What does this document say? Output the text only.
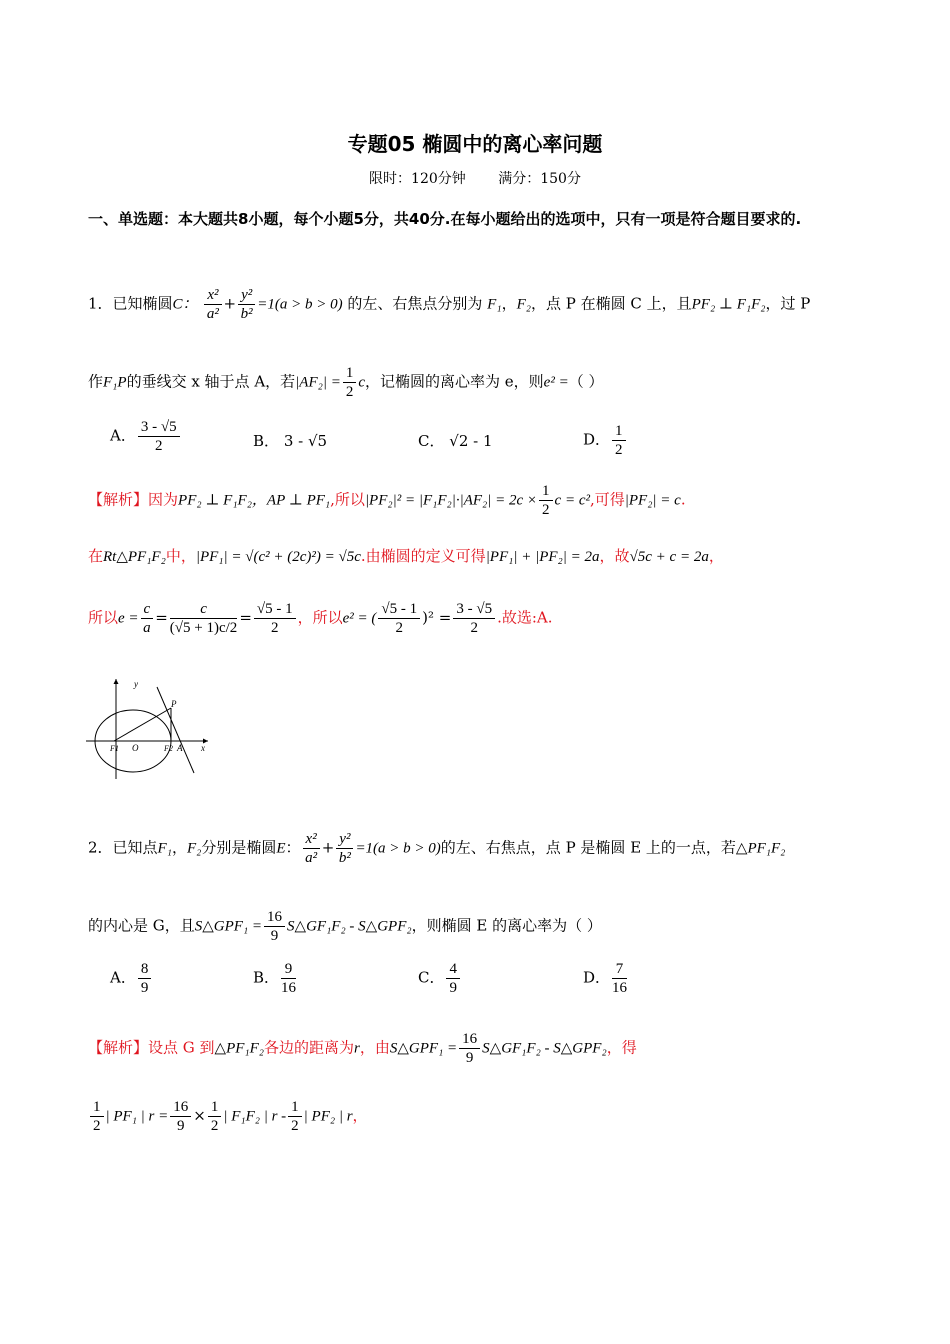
专题05 椭圆中的离心率问题
限时：120分钟 满分：150分
一、单选题：本大题共8小题，每个小题5分，共40分.在每小题给出的选项中，只有一项是符合题目要求的.
1．已知椭圆C： $\frac{\text{x²}}{\text{a²}} + \frac{\text{y²}}{\text{b²}} =1(a > b > 0)$ 的左、右焦点分别为 F₁，F₂，点 P 在椭圆 C 上，且PF₂ ⊥ F₁F₂，过 P
作F₁P的垂线交 x 轴于点 A，若$|AF_2| = \frac{1}{2}$ c，记椭圆的离心率为 e，则e² =（ ）
A． $\frac{3 - √5}{2}$	B． 3 - √5	C． √2 - 1	D． $\frac{1}{2}$
【解析】因为PF₂ ⊥ F₁F₂，AP ⊥ PF₁,所以$|PF_2|^2 = |F_1F_2|\cdot|AF_2| = 2c \times \frac{1}{2}$ c = c²,可得|PF₂| = c.
在Rt△PF₁F₂中，|PF₁| = √(c² + (2c)²) = √5c.由椭圆的定义可得|PF₁| + |PF₂| = 2a，故√5c + c = 2a，
所以$e = \frac{c}{a} = \frac{c}{(√5 + 1)c/2} = \frac{√5 - 1}{2}$ ，所以e² = ( $\frac{√5 - 1}{2} )^2 = \frac{3 - √5}{2}$ .故选:A.
y
P
F1 O	F2 A x
2．已知点F₁，F₂分别是椭圆E： $\frac{\text{x²}}{\text{a²}} + \frac{\text{y²}}{\text{b²}} =1(a > b > 0)$的左、右焦点，点 P 是椭圆 E 上的一点，若△PF₁F₂
的内心是 G，且S△GPF₁ = $\frac{16}{9}$ S△GF₁F₂ - S△GPF₂，则椭圆 E 的离心率为（ ）
A． $\frac{8}{9}$	B． $\frac{9}{16}$	C． $\frac{4}{9}$	D． $\frac{7}{16}$
【解析】设点 G 到△PF₁F₂各边的距离为r，由S△GPF₁ = $\frac{16}{9}$ S△GF₁F₂ - S△GPF₂，得
$\frac{1}{2}$ | PF₁ | $r = \frac{16}{9} \times \frac{1}{2}$ | F₁F₂ | r - $\frac{1}{2}$ | PF₂ | r，
